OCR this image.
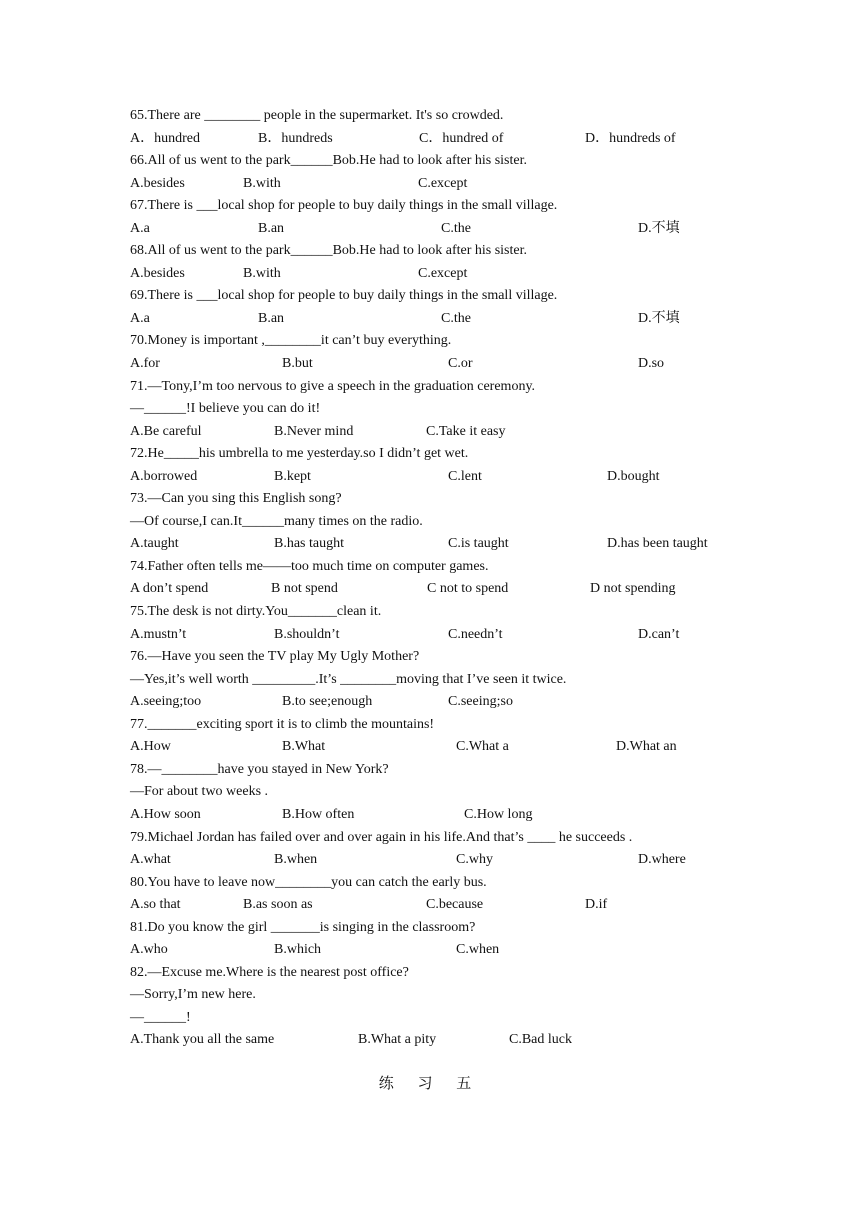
65.There are ________ people in the supermarket. It's so crowded.
A．hundred	B．hundreds	C．hundred of	D．hundreds of
66.All of us went to the park______Bob.He had to look after his sister.
A.besides	B.with	C.except
67.There is ___local shop for people to buy daily things in the small village.
A.a	B.an	C.the	D.不填
68.All of us went to the park______Bob.He had to look after his sister.
A.besides	B.with	C.except
69.There is ___local shop for people to buy daily things in the small village.
A.a	B.an	C.the	D.不填
70.Money is important ,________it can’t buy everything.
A.for	B.but	C.or	D.so
71.—Tony,I’m too nervous to give a speech in the graduation ceremony.
—______!I believe you can do it!
A.Be careful	B.Never mind	C.Take it easy
72.He_____his umbrella to me yesterday.so I didn’t get wet.
A.borrowed	B.kept	C.lent	D.bought
73.—Can you sing this English song?
—Of course,I can.It______many times on the radio.
A.taught	B.has taught	C.is taught	D.has been taught
74.Father often tells me——too much time on computer games.
A don’t spend	B not spend	C not to spend	D not spending
75.The desk is not dirty.You_______clean it.
A.mustn’t	B.shouldn’t	C.needn’t	D.can’t
76.—Have you seen the TV play My Ugly Mother?
—Yes,it’s well worth _________.It’s ________moving that I’ve seen it twice.
A.seeing;too	B.to see;enough	C.seeing;so
77._______exciting sport it is to climb the mountains!
A.How	B.What	C.What a	D.What an
78.—________have you stayed in New York?
—For about two weeks .
A.How soon	B.How often	C.How long
79.Michael Jordan has failed over and over again in his life.And that’s ____ he succeeds .
A.what	B.when	C.why	D.where
80.You have to leave now________you can catch the early bus.
A.so that	B.as soon as	C.because	D.if
81.Do you know the girl _______is singing in the classroom?
A.who	B.which	C.when
82.—Excuse me.Where is the nearest post office?
—Sorry,I’m new here.
—______!
A.Thank you all the same	B.What a pity	C.Bad luck
练 习 五
